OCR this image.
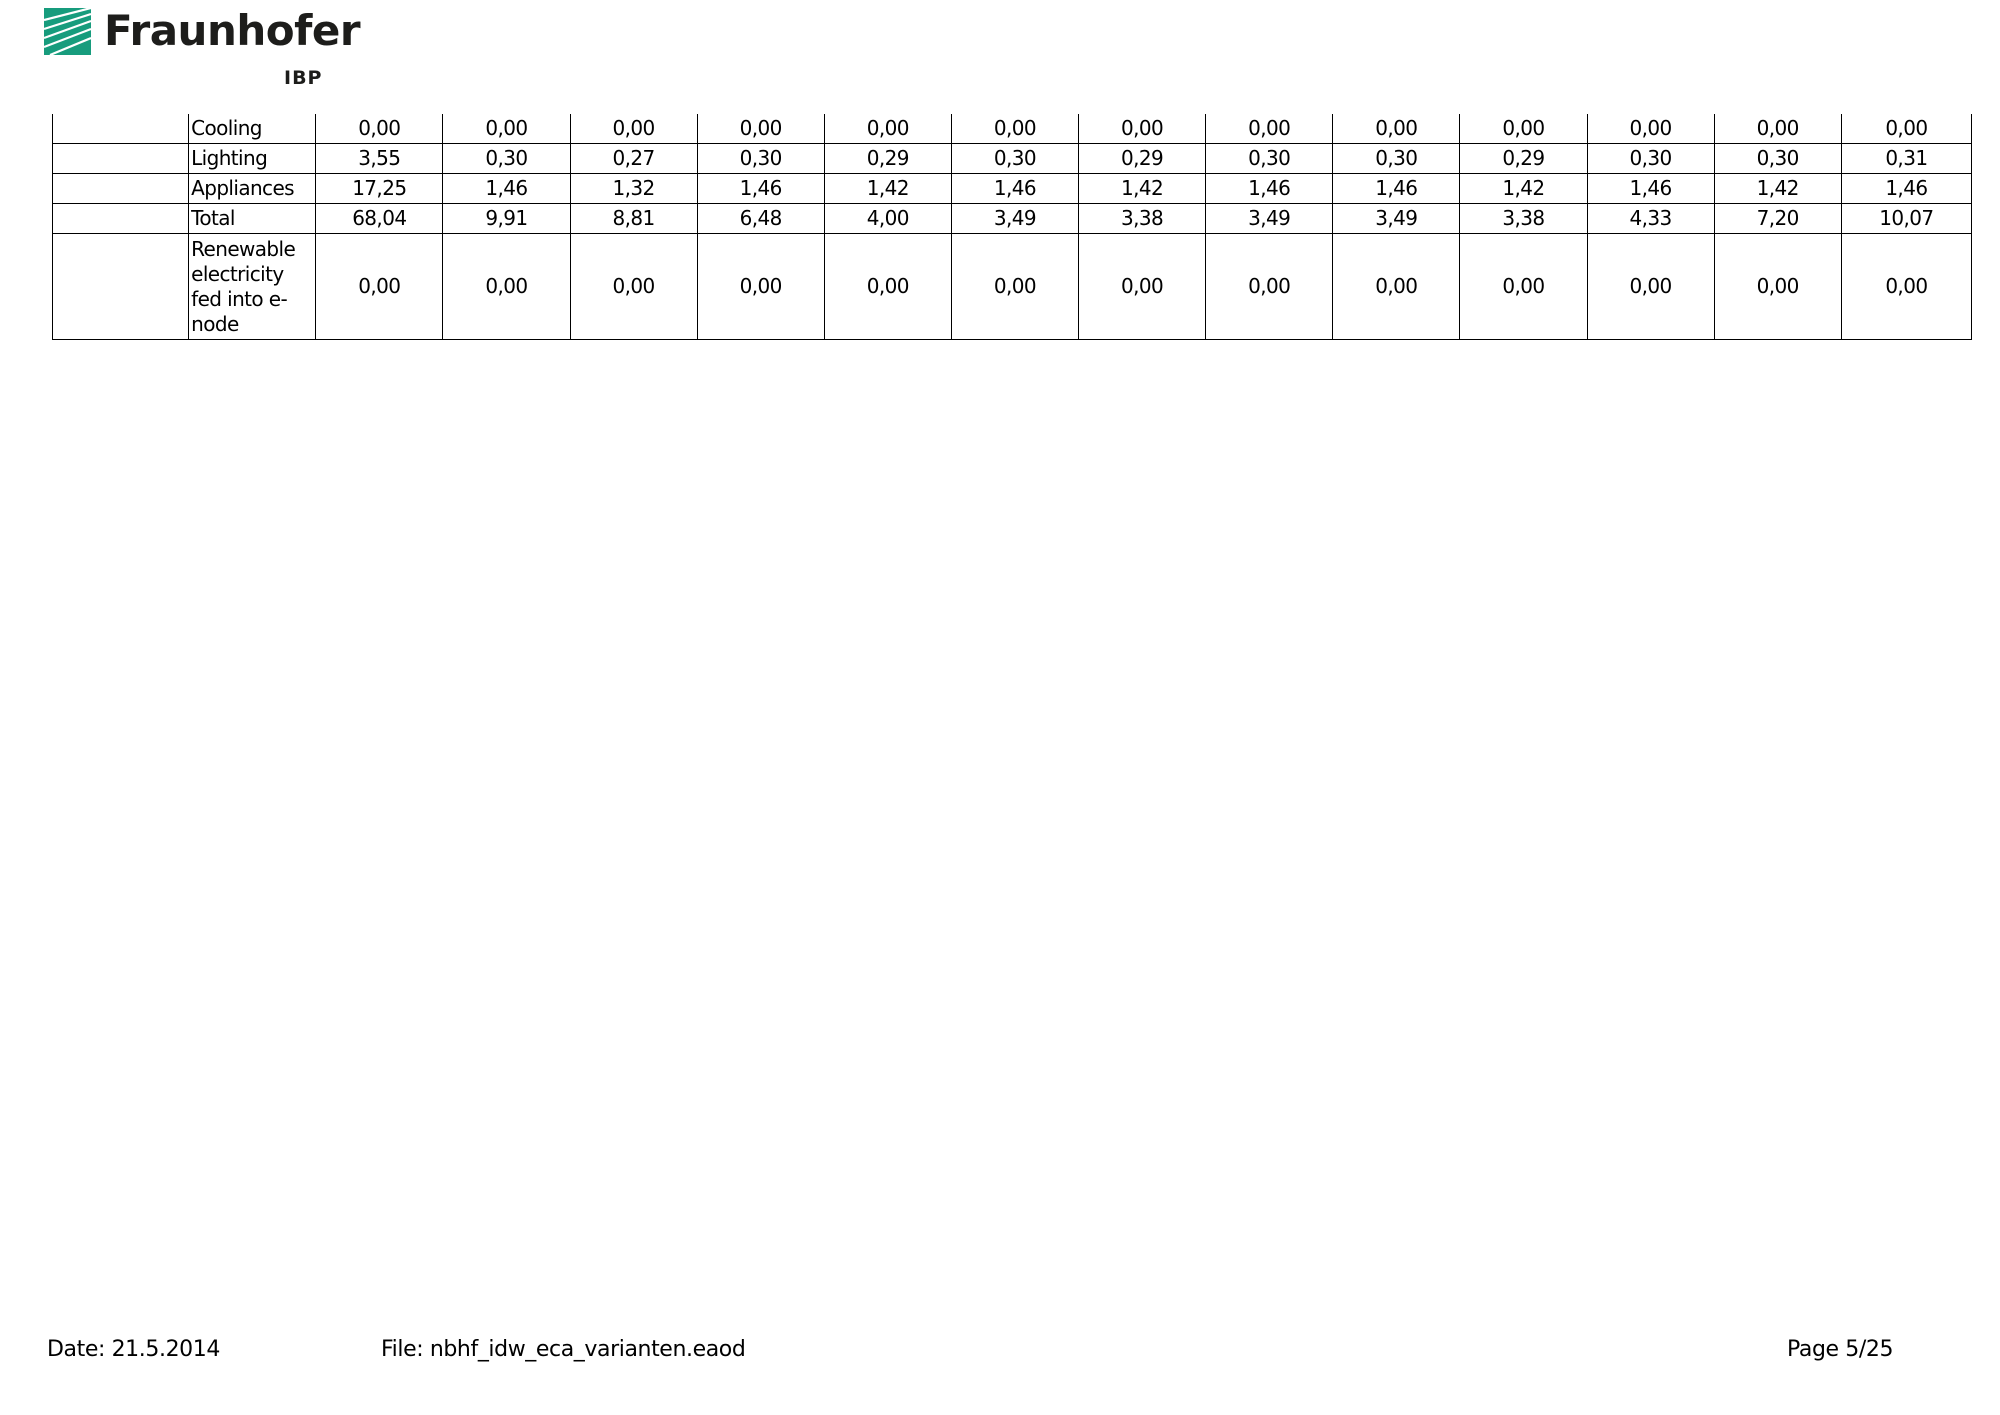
Fraunhofer
IBP
	Cooling	0,00	0,00	0,00	0,00	0,00	0,00	0,00	0,00	0,00	0,00	0,00	0,00	0,00
	Lighting	3,55	0,30	0,27	0,30	0,29	0,30	0,29	0,30	0,30	0,29	0,30	0,30	0,31
	Appliances	17,25	1,46	1,32	1,46	1,42	1,46	1,42	1,46	1,46	1,42	1,46	1,42	1,46
	Total	68,04	9,91	8,81	6,48	4,00	3,49	3,38	3,49	3,49	3,38	4,33	7,20	10,07
	Renewable electricity fed into e-node	0,00	0,00	0,00	0,00	0,00	0,00	0,00	0,00	0,00	0,00	0,00	0,00	0,00
Date: 21.5.2014	File: nbhf_idw_eca_varianten.eaod	Page 5/25
